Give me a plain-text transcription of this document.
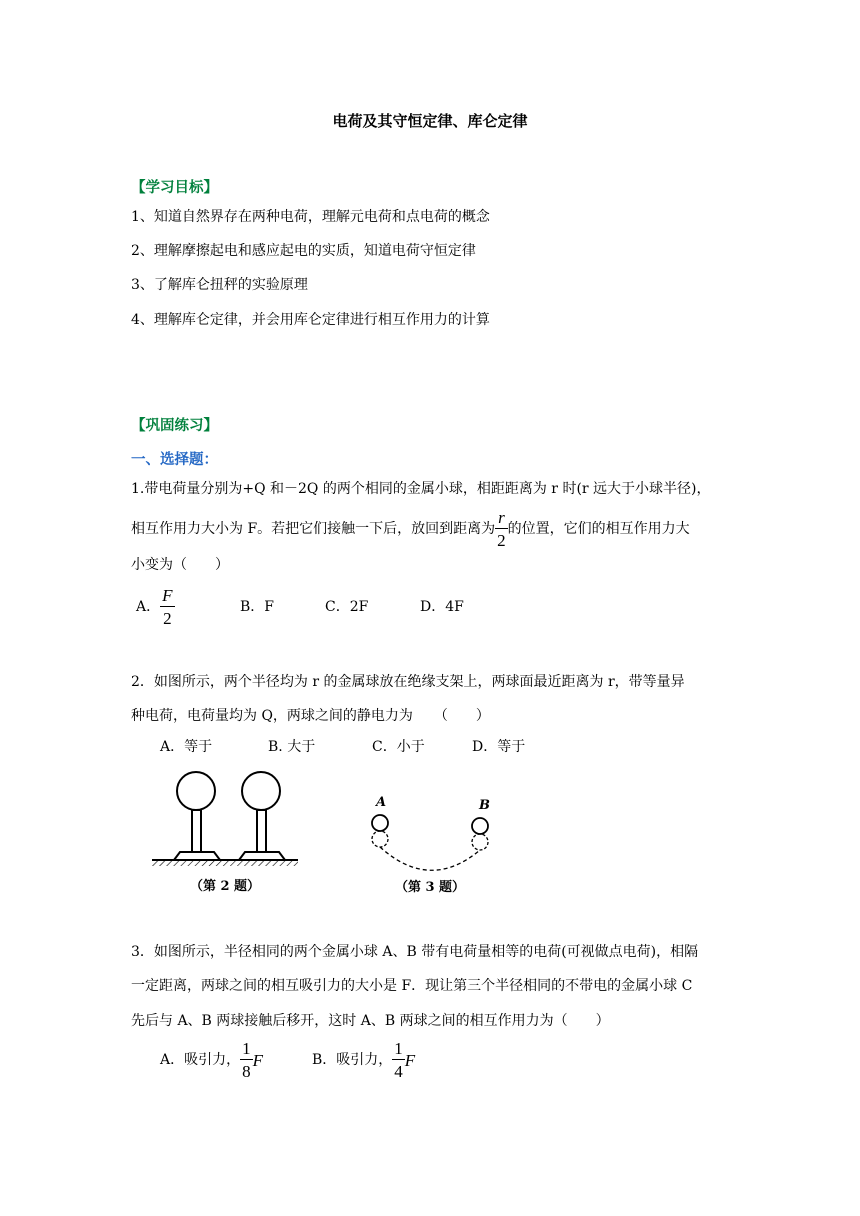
电荷及其守恒定律、库仑定律
【学习目标】
1、知道自然界存在两种电荷，理解元电荷和点电荷的概念
2、理解摩擦起电和感应起电的实质，知道电荷守恒定律
3、了解库仑扭秤的实验原理
4、理解库仑定律，并会用库仑定律进行相互作用力的计算
【巩固练习】
一、选择题：
1.带电荷量分别为+Q 和－2Q 的两个相同的金属小球，相距距离为 r 时(r 远大于小球半径)，
相互作用力大小为 F。若把它们接触一下后，放回到距离为 $\frac{r}{2}$ 的位置，它们的相互作用力大
小变为（　　）
A． $\frac{F}{2}$	B．F	C．2F	D．4F
2．如图所示，两个半径均为 r 的金属球放在绝缘支架上，两球面最近距离为 r，带等量异
种电荷，电荷量均为 Q，两球之间的静电力为　　（　　）
A．等于	B. 大于	C．小于	D．等于
（第 2 题）
A	B
（第 3 题）
3．如图所示，半径相同的两个金属小球 A、B 带有电荷量相等的电荷(可视做点电荷)，相隔
一定距离，两球之间的相互吸引力的大小是 F．现让第三个半径相同的不带电的金属小球 C
先后与 A、B 两球接触后移开，这时 A、B 两球之间的相互作用力为（　　）
A．吸引力， $\frac{1}{8}$ F	B．吸引力， $\frac{1}{4}$ F
